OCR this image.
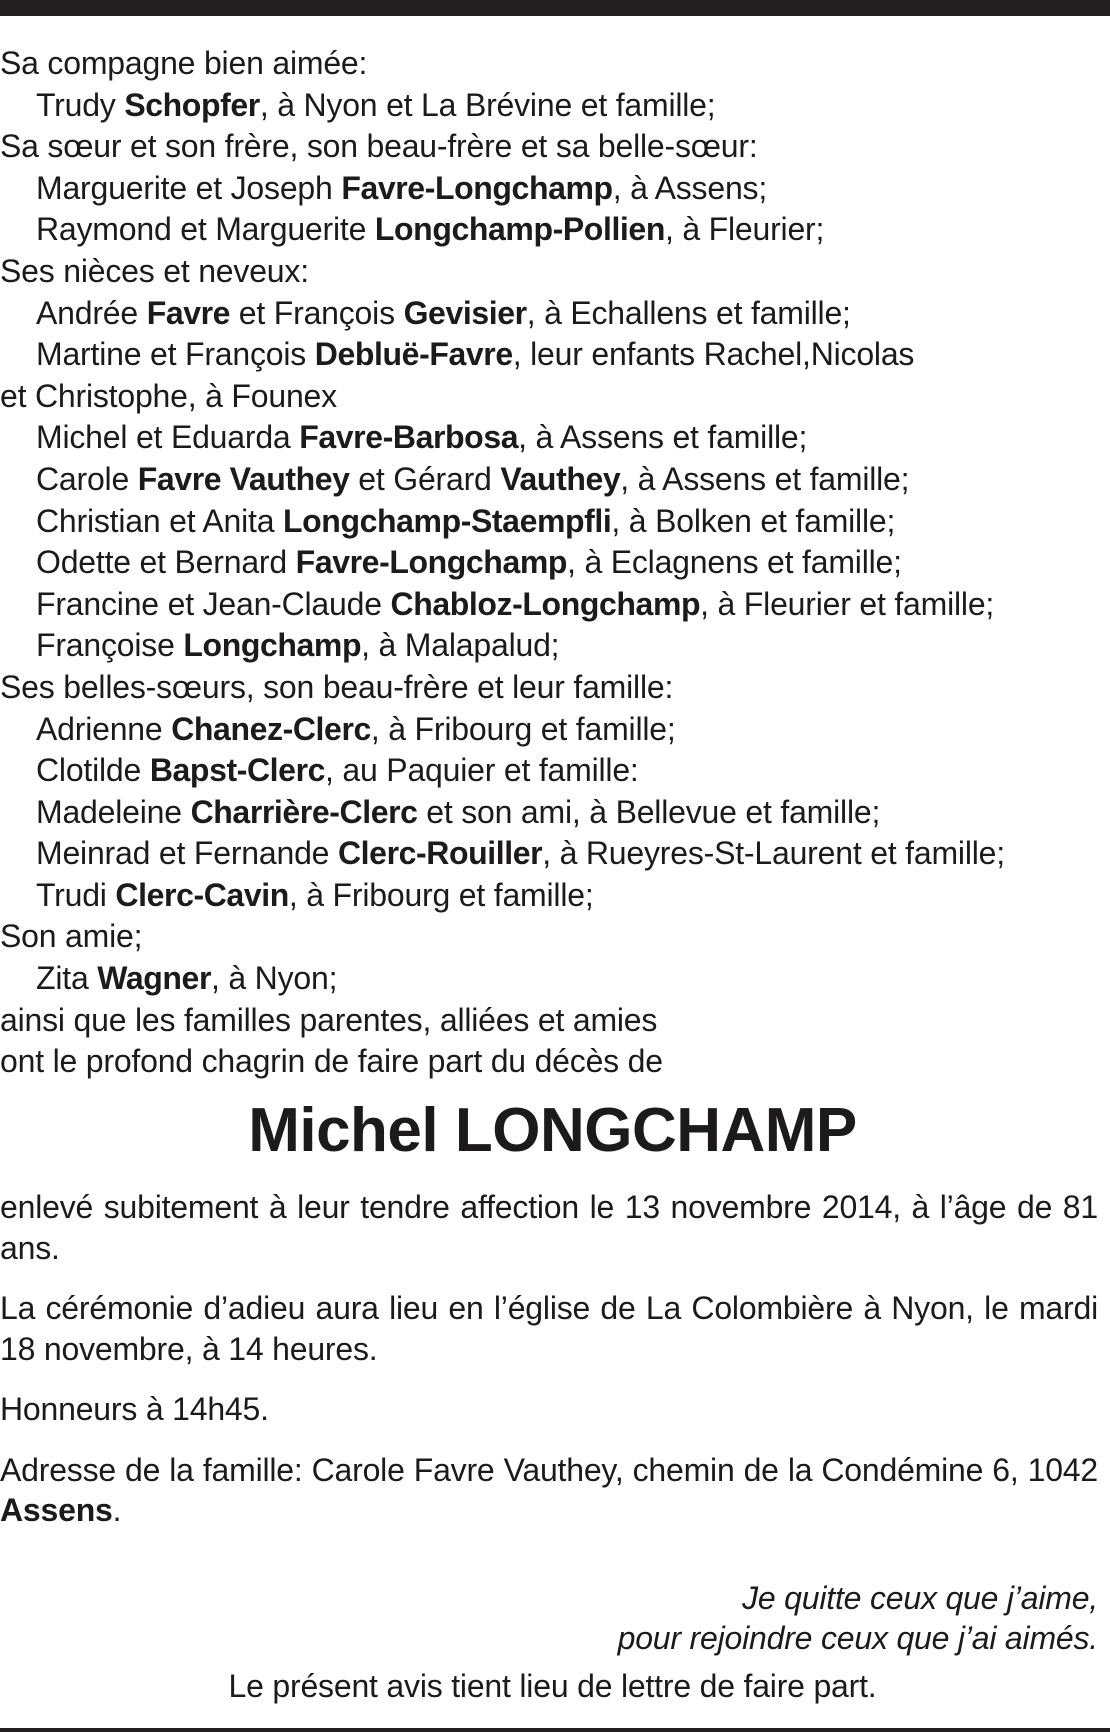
Sa compagne bien aimée:
Trudy Schopfer, à Nyon et La Brévine et famille;
Sa sœur et son frère, son beau-frère et sa belle-sœur:
Marguerite et Joseph Favre-Longchamp, à Assens;
Raymond et Marguerite Longchamp-Pollien, à Fleurier;
Ses nièces et neveux:
Andrée Favre et François Gevisier, à Echallens et famille;
Martine et François Debluë-Favre, leur enfants Rachel,Nicolas
et Christophe, à Founex
Michel et Eduarda Favre-Barbosa, à Assens et famille;
Carole Favre Vauthey et Gérard Vauthey, à Assens et famille;
Christian et Anita Longchamp-Staempfli, à Bolken et famille;
Odette et Bernard Favre-Longchamp, à Eclagnens et famille;
Francine et Jean-Claude Chabloz-Longchamp, à Fleurier et famille;
Françoise Longchamp, à Malapalud;
Ses belles-sœurs, son beau-frère et leur famille:
Adrienne Chanez-Clerc, à Fribourg et famille;
Clotilde Bapst-Clerc, au Paquier et famille:
Madeleine Charrière-Clerc et son ami, à Bellevue et famille;
Meinrad et Fernande Clerc-Rouiller, à Rueyres-St-Laurent et famille;
Trudi Clerc-Cavin, à Fribourg et famille;
Son amie;
Zita Wagner, à Nyon;
ainsi que les familles parentes, alliées et amies
ont le profond chagrin de faire part du décès de
Michel LONGCHAMP

enlevé subitement à leur tendre affection le 13 novembre 2014, à l’âge de 81 ans.

La cérémonie d’adieu aura lieu en l’église de La Colombière à Nyon, le mardi 18 novembre, à 14 heures.

Honneurs à 14h45.

Adresse de la famille: Carole Favre Vauthey, chemin de la Condémine 6, 1042 Assens.

Je quitte ceux que j’aime,
pour rejoindre ceux que j’ai aimés.
Le présent avis tient lieu de lettre de faire part.
